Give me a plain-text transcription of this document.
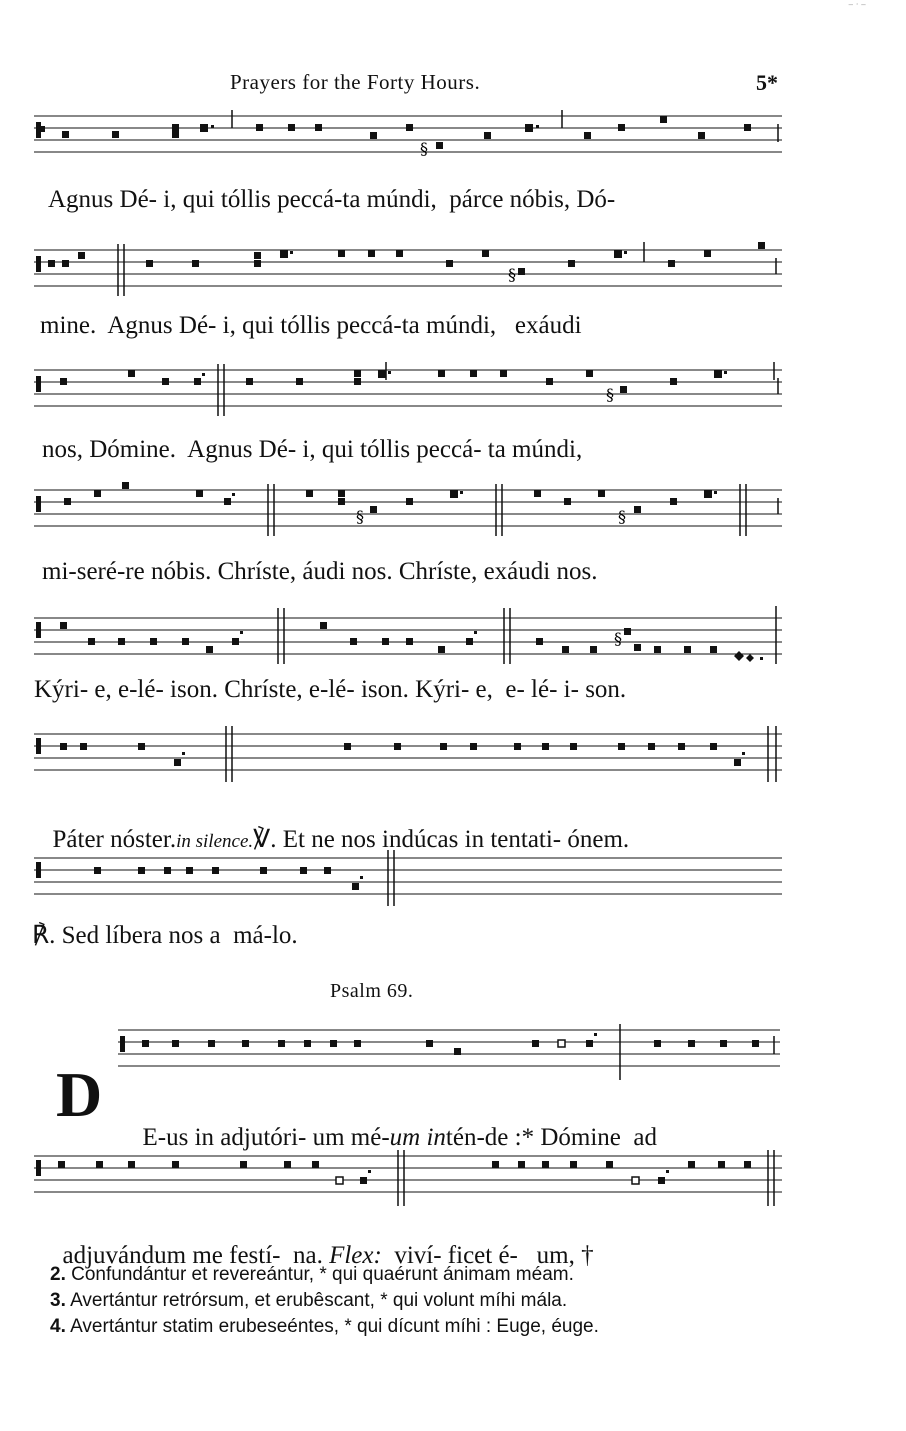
‒ · ‒
Prayers for the Forty Hours.	5*
§
Agnus Dé- i, qui tóllis peccá-ta múndi,  párce nóbis, Dó-
§
mine.  Agnus Dé- i, qui tóllis peccá-ta múndi,   exáudi
§
nos, Dómine.  Agnus Dé- i, qui tóllis peccá- ta múndi,
§	§
mi-seré-re nóbis. Chríste, áudi nos. Chríste, exáudi nos.
§
Kýri- e, e-lé- ison. Chríste, e-lé- ison. Kýri- e,  e- lé- i- son.

Páter nóster.in silence.℣. Et ne nos indúcas in tentati- ónem.

℟. Sed líbera nos a  má-lo.
Psalm 69.
D

E-us in adjutóri- um mé-um intén-de :* Dómine  ad

adjuvándum me festí-  na. Flex:  viví- ficet é-   um, †

2. Confundántur et revereántur, * qui quaérunt ánimam méam.
3. Avertántur retrórsum, et erubêscant, * qui volunt míhi mála.
4. Avertántur statim erubeseéntes, * qui dícunt míhi : Euge, éuge.
